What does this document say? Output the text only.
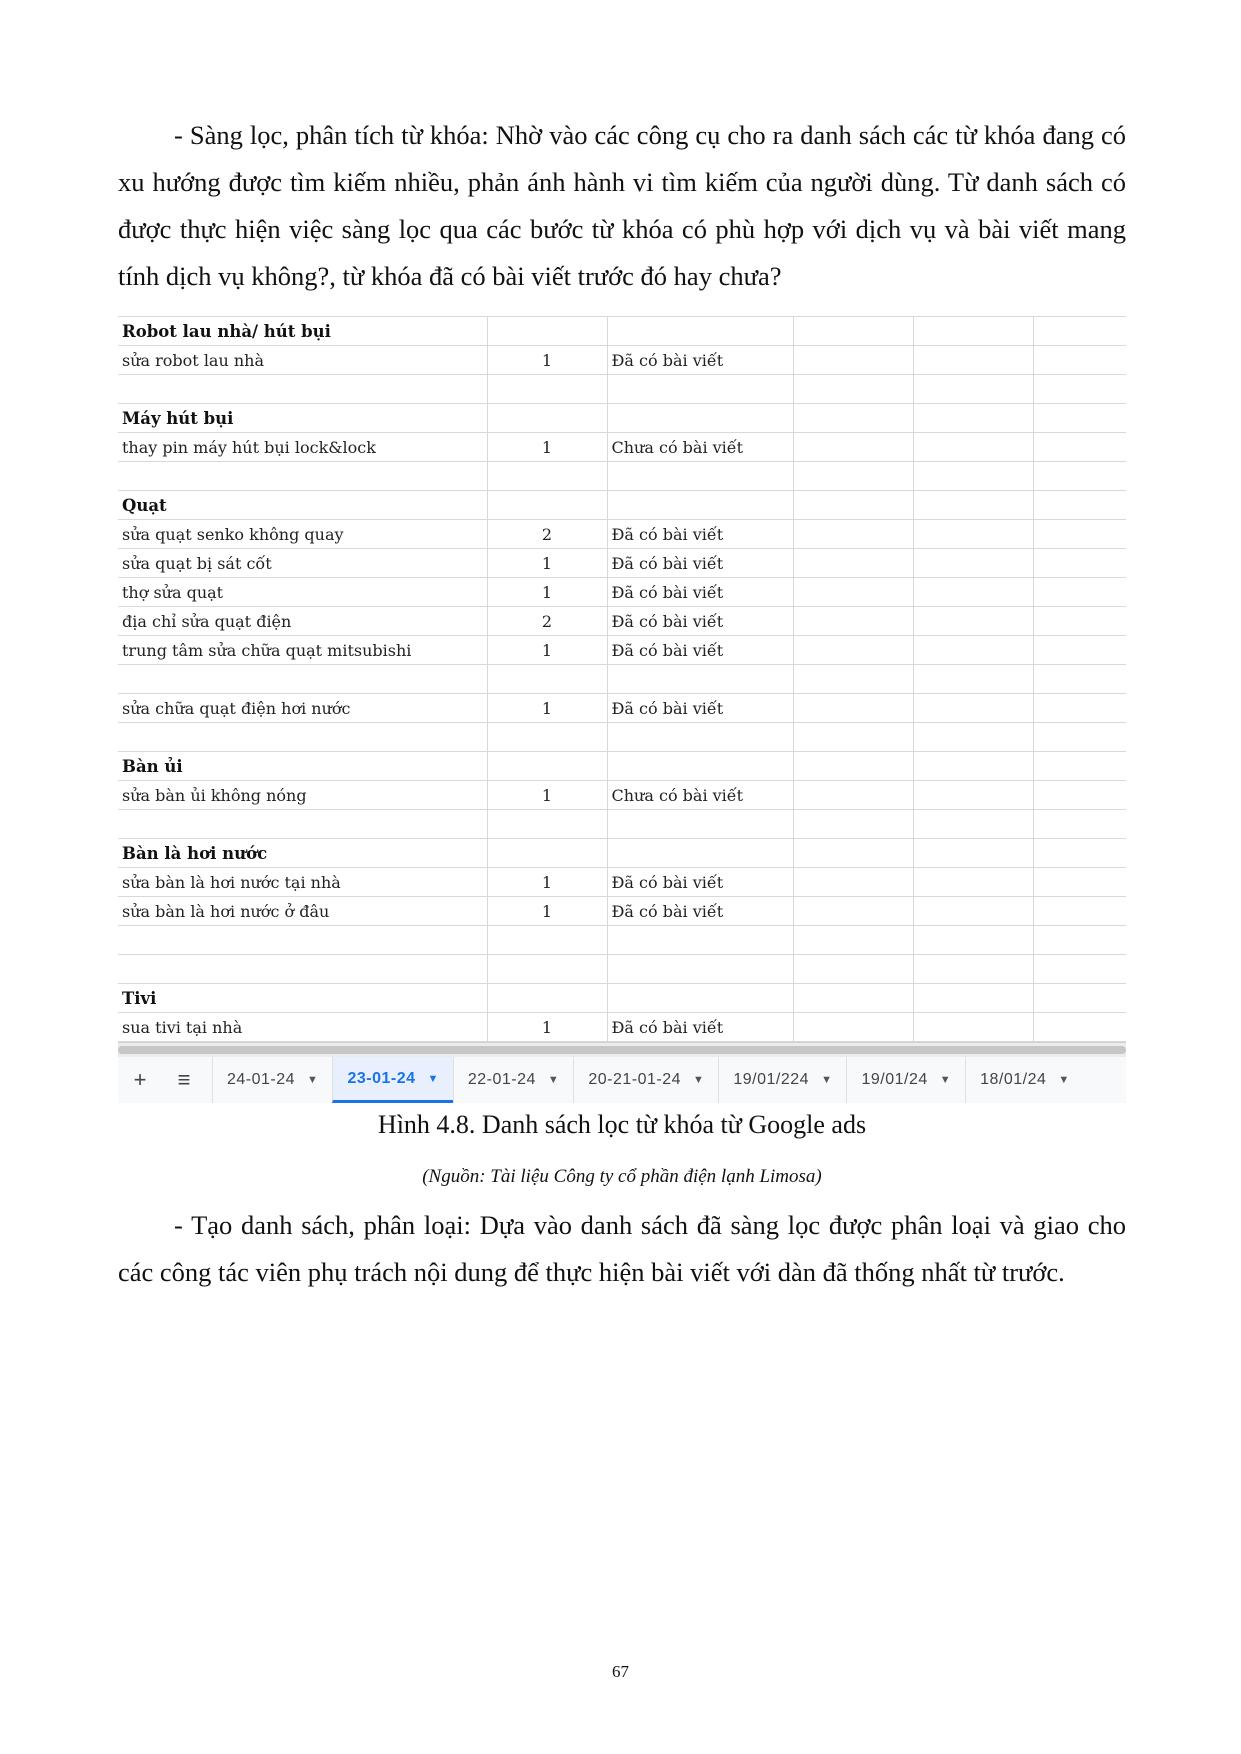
- Sàng lọc, phân tích từ khóa: Nhờ vào các công cụ cho ra danh sách các từ khóa đang có xu hướng được tìm kiếm nhiều, phản ánh hành vi tìm kiếm của người dùng. Từ danh sách có được thực hiện việc sàng lọc qua các bước từ khóa có phù hợp với dịch vụ và bài viết mang tính dịch vụ không?, từ khóa đã có bài viết trước đó hay chưa?

Robot lau nhà/ hút bụi					
sửa robot lau nhà	1	Đã có bài viết			

Máy hút bụi					
thay pin máy hút bụi lock&lock	1	Chưa có bài viết			

Quạt					
sửa quạt senko không quay	2	Đã có bài viết			
sửa quạt bị sát cốt	1	Đã có bài viết			
thợ sửa quạt	1	Đã có bài viết			
địa chỉ sửa quạt điện	2	Đã có bài viết			
trung tâm sửa chữa quạt mitsubishi	1	Đã có bài viết			

sửa chữa quạt điện hơi nước	1	Đã có bài viết			

Bàn ủi					
sửa bàn ủi không nóng	1	Chưa có bài viết			

Bàn là hơi nước					
sửa bàn là hơi nước tại nhà	1	Đã có bài viết			
sửa bàn là hơi nước ở đâu	1	Đã có bài viết			

Tivi					
sua tivi tại nhà	1	Đã có bài viết			
+	≡	24-01-24 ▼ 23-01-24 ▼ 22-01-24 ▼ 20-21-01-24 ▼ 19/01/224 ▼ 19/01/24 ▼ 18/01/24 ▼

Hình 4.8. Danh sách lọc từ khóa từ Google ads

(Nguồn: Tài liệu Công ty cổ phần điện lạnh Limosa)

- Tạo danh sách, phân loại: Dựa vào danh sách đã sàng lọc được phân loại và giao cho các công tác viên phụ trách nội dung để thực hiện bài viết với dàn đã thống nhất từ trước.

67
